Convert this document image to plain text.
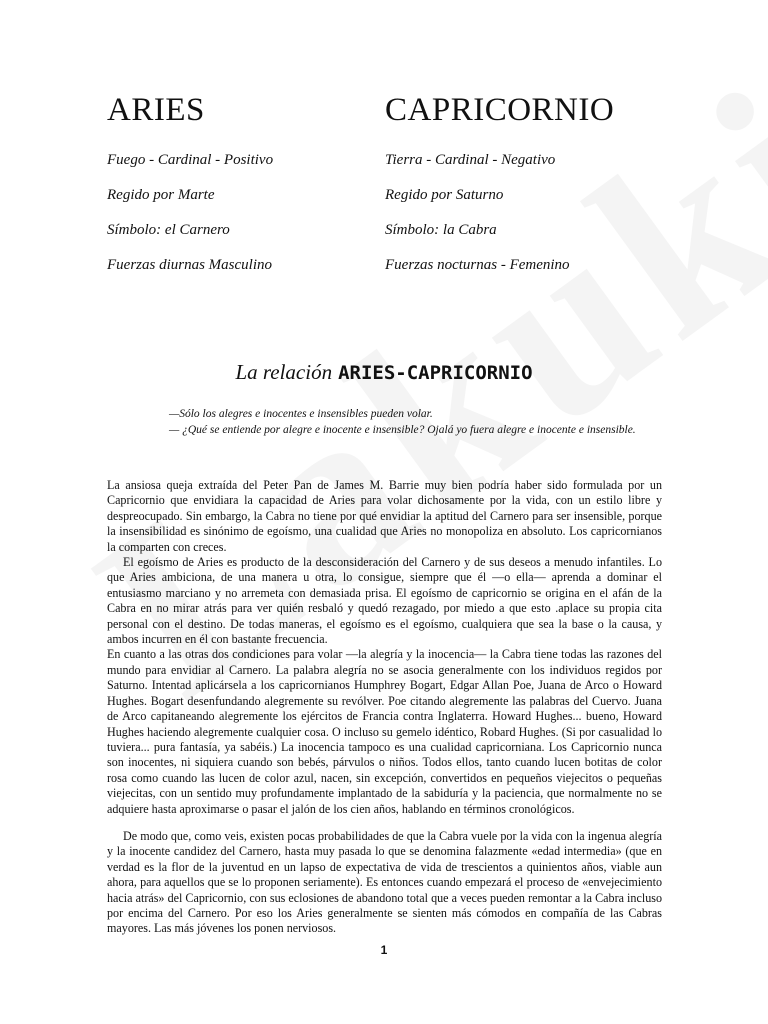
ARIES
Fuego - Cardinal - Positivo
Regido por Marte
Símbolo: el Carnero
Fuerzas diurnas Masculino
CAPRICORNIO
Tierra - Cardinal - Negativo
Regido por Saturno
Símbolo: la Cabra
Fuerzas nocturnas - Femenino
La relación ARIES-CAPRICORNIO
—Sólo los alegres e inocentes e insensibles pueden volar.
— ¿Qué se entiende por alegre e inocente e insensible? Ojalá yo fuera alegre e inocente e insensible.

La ansiosa queja extraída del Peter Pan de James M. Barrie muy bien podría haber sido formulada por un Capricornio que envidiara la capacidad de Aries para volar dichosamente por la vida, con un estilo libre y despreocupado. Sin embargo, la Cabra no tiene por qué envidiar la aptitud del Carnero para ser insensible, porque la insensibilidad es sinónimo de egoísmo, una cualidad que Aries no monopoliza en absoluto. Los capricornianos la comparten con creces.

El egoísmo de Aries es producto de la desconsideración del Carnero y de sus deseos a menudo infantiles. Lo que Aries ambiciona, de una manera u otra, lo consigue, siempre que él —o ella— aprenda a dominar el entusiasmo marciano y no arremeta con demasiada prisa. El egoísmo de capricornio se origina en el afán de la Cabra en no mirar atrás para ver quién resbaló y quedó rezagado, por miedo a que esto .aplace su propia cita personal con el destino. De todas maneras, el egoísmo es el egoísmo, cualquiera que sea la base o la causa, y ambos incurren en él con bastante frecuencia.

En cuanto a las otras dos condiciones para volar —la alegría y la inocencia— la Cabra tiene todas las razones del mundo para envidiar al Carnero. La palabra alegría no se asocia generalmente con los individuos regidos por Saturno. Intentad aplicársela a los capricornianos Humphrey Bogart, Edgar Allan Poe, Juana de Arco o Howard Hughes. Bogart desenfundando alegremente su revólver. Poe citando alegremente las palabras del Cuervo. Juana de Arco capitaneando alegremente los ejércitos de Francia contra Inglaterra. Howard Hughes... bueno, Howard Hughes haciendo alegremente cualquier cosa. O incluso su gemelo idéntico, Robard Hughes. (Si por casualidad lo tuviera... pura fantasía, ya sabéis.) La inocencia tampoco es una cualidad capricorniana. Los Capricornio nunca son inocentes, ni siquiera cuando son bebés, párvulos o niños. Todos ellos, tanto cuando lucen botitas de color rosa como cuando las lucen de color azul, nacen, sin excepción, convertidos en pequeños viejecitos o pequeñas viejecitas, con un sentido muy profundamente implantado de la sabiduría y la paciencia, que normalmente no se adquiere hasta aproximarse o pasar el jalón de los cien años, hablando en términos cronológicos.

De modo que, como veis, existen pocas probabilidades de que la Cabra vuele por la vida con la ingenua alegría y la inocente candidez del Carnero, hasta muy pasada lo que se denomina falazmente «edad intermedia» (que en verdad es la flor de la juventud en un lapso de expectativa de vida de trescientos a quinientos años, viable aun ahora, para aquellos que se lo proponen seriamente). Es entonces cuando empezará el proceso de «envejecimiento hacia atrás» del Capricornio, con sus eclosiones de abandono total que a veces pueden remontar a la Cabra incluso por encima del Carnero. Por eso los Aries generalmente se sienten más cómodos en compañía de las Cabras mayores. Las más jóvenes los ponen nerviosos.

1
